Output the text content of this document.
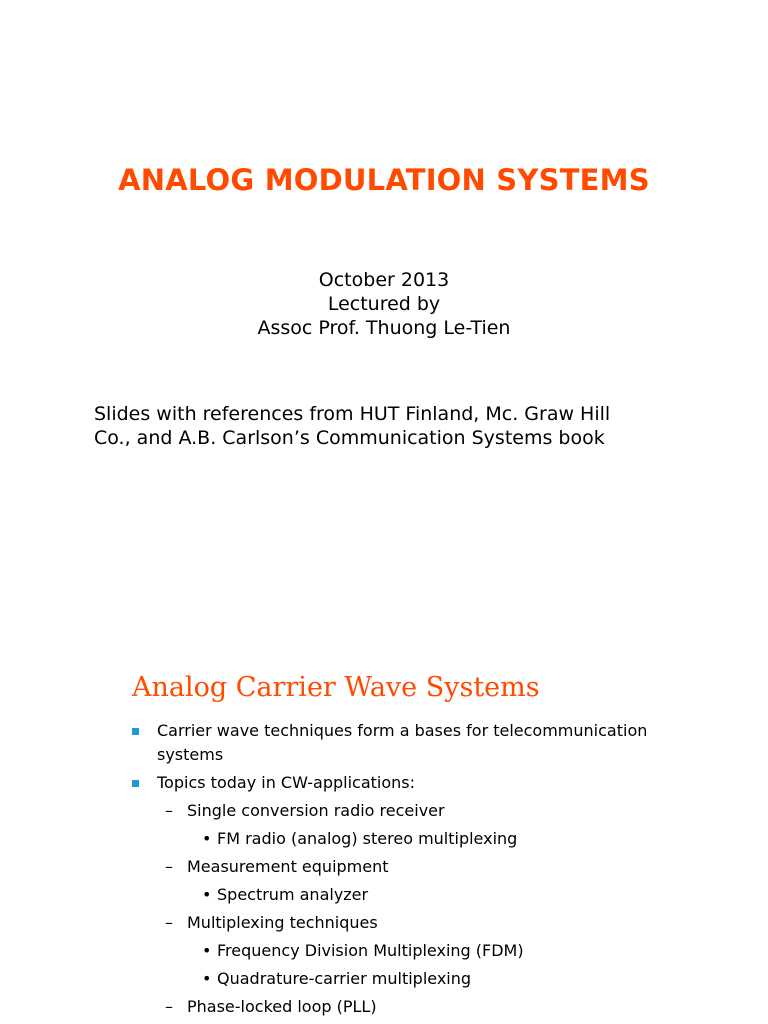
ANALOG MODULATION SYSTEMS
October 2013
Lectured by
Assoc Prof. Thuong Le-Tien
Slides with references from HUT Finland, Mc. Graw Hill
Co., and A.B. Carlson’s Communication Systems book
Analog Carrier Wave Systems
Carrier wave techniques form a bases for telecommunication systems
Topics today in CW-applications:
– Single conversion radio receiver
• FM radio (analog) stereo multiplexing
– Measurement equipment
• Spectrum analyzer
– Multiplexing techniques
• Frequency Division Multiplexing (FDM)
• Quadrature-carrier multiplexing
– Phase-locked loop (PLL)
